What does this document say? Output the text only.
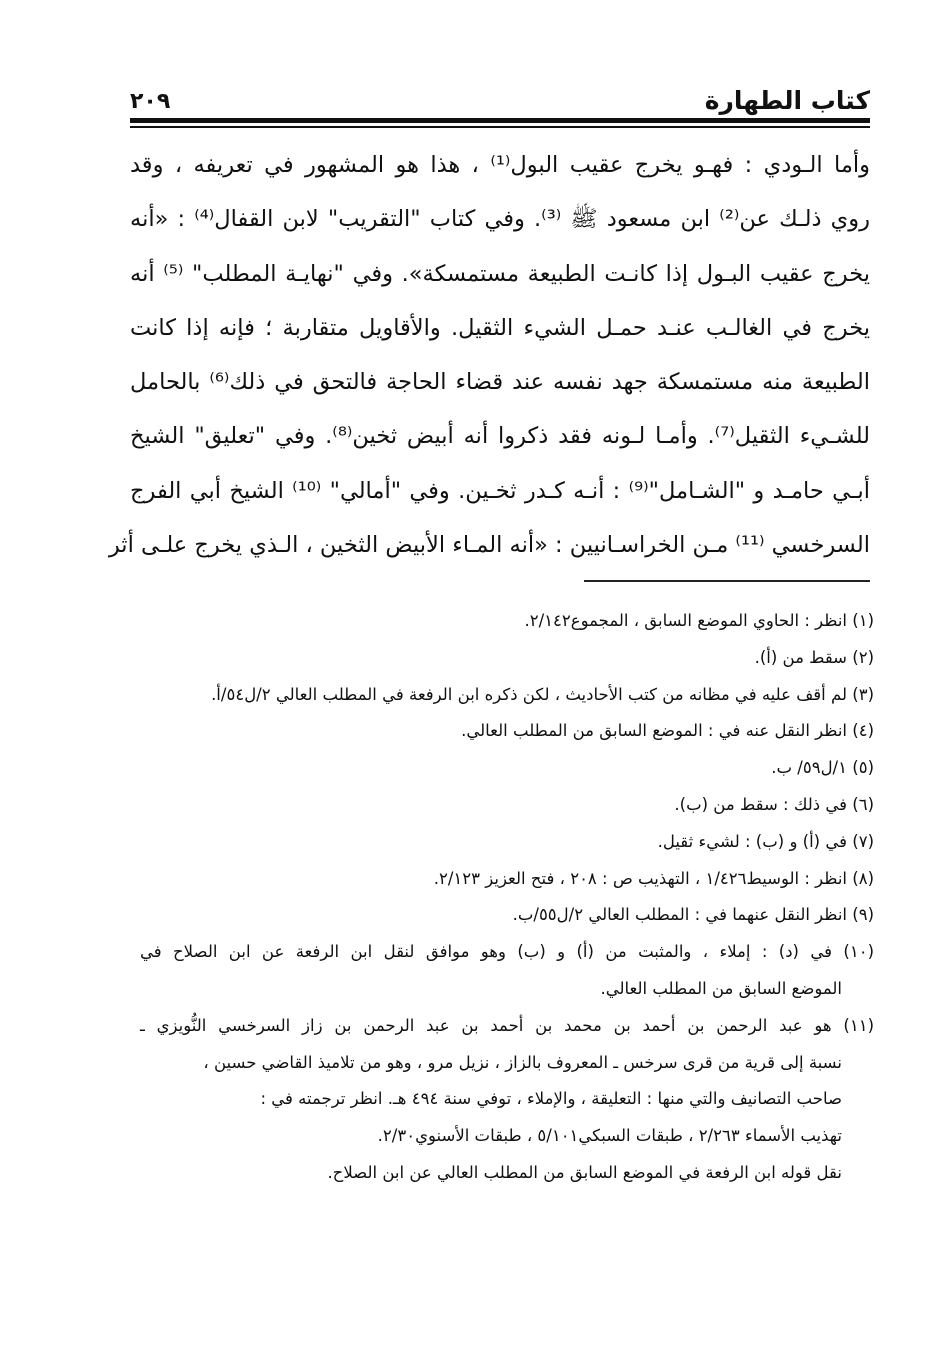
كتاب الطهارة
٢٠٩
وأما الـودي : فهـو يخرج عقيب البول⁽¹⁾ ، هذا هو المشهور في تعريفه ، وقد
روي ذلـك عن⁽²⁾ ابن مسعود ﷺ ⁽³⁾. وفي كتاب "التقريب" لابن القفال⁽⁴⁾ : «أنه
يخرج عقيب البـول إذا كانـت الطبيعة مستمسكة». وفي "نهايـة المطلب" ⁽⁵⁾ أنه
يخرج في الغالـب عنـد حمـل الشيء الثقيل. والأقاويل متقاربة ؛ فإنه إذا كانت
الطبيعة منه مستمسكة جهد نفسه عند قضاء الحاجة فالتحق في ذلك⁽⁶⁾ بالحامل
للشـيء الثقيل⁽⁷⁾. وأمـا لـونه فقد ذكروا أنه أبيض ثخين⁽⁸⁾. وفي "تعليق" الشيخ
أبـي حامـد و "الشـامل"⁽⁹⁾ : أنـه كـدر ثخـين. وفي "أمالي" ⁽¹⁰⁾ الشيخ أبي الفرج
السرخسي ⁽¹¹⁾ مـن الخراسـانيين : «أنه المـاء الأبيض الثخين ، الـذي يخرج علـى أثر
(١) انظر : الحاوي الموضع السابق ، المجموع٢/١٤٢.
(٢) سقط من (أ).
(٣) لم أقف عليه في مظانه من كتب الأحاديث ، لكن ذكره ابن الرفعة في المطلب العالي ٢/ل٥٤/أ.
(٤) انظر النقل عنه في : الموضع السابق من المطلب العالي.
(٥) ١/ل٥٩/ ب.
(٦) في ذلك : سقط من (ب).
(٧) في (أ) و (ب) : لشيء ثقيل.
(٨) انظر : الوسيط١/٤٢٦ ، التهذيب ص : ٢٠٨ ، فتح العزيز ٢/١٢٣.
(٩) انظر النقل عنهما في : المطلب العالي ٢/ل٥٥/ب.
(١٠) في (د) : إملاء ، والمثبت من (أ) و (ب) وهو موافق لنقل ابن الرفعة عن ابن الصلاح في
الموضع السابق من المطلب العالي.
(١١) هو عبد الرحمن بن أحمد بن محمد بن أحمد بن عبد الرحمن بن زاز السرخسي النُّويزي ـ
نسبة إلى قرية من قرى سرخس ـ المعروف بالزاز ، نزيل مرو ، وهو من تلاميذ القاضي حسين ،
صاحب التصانيف والتي منها : التعليقة ، والإملاء ، توفي سنة ٤٩٤ هـ. انظر ترجمته في :
تهذيب الأسماء ٢/٢٦٣ ، طبقات السبكي٥/١٠١ ، طبقات الأسنوي٢/٣٠.
نقل قوله ابن الرفعة في الموضع السابق من المطلب العالي عن ابن الصلاح.
